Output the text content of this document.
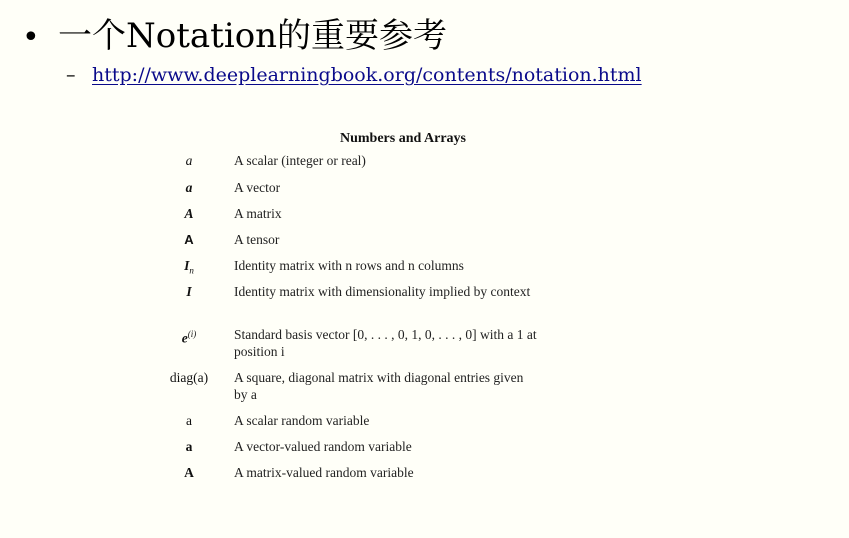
• 一个Notation的重要参考
– http://www.deeplearningbook.org/contents/notation.html
Numbers and Arrays
a	A scalar (integer or real)
a	A vector
A	A matrix
A	A tensor
$I_n$	Identity matrix with n rows and n columns
I	Identity matrix with dimensionality implied by context
$e^{(i)}$	Standard basis vector [0, . . . , 0, 1, 0, . . . , 0] with a 1 at position i
diag(a)	A square, diagonal matrix with diagonal entries given by a
a	A scalar random variable
a	A vector-valued random variable
A	A matrix-valued random variable
